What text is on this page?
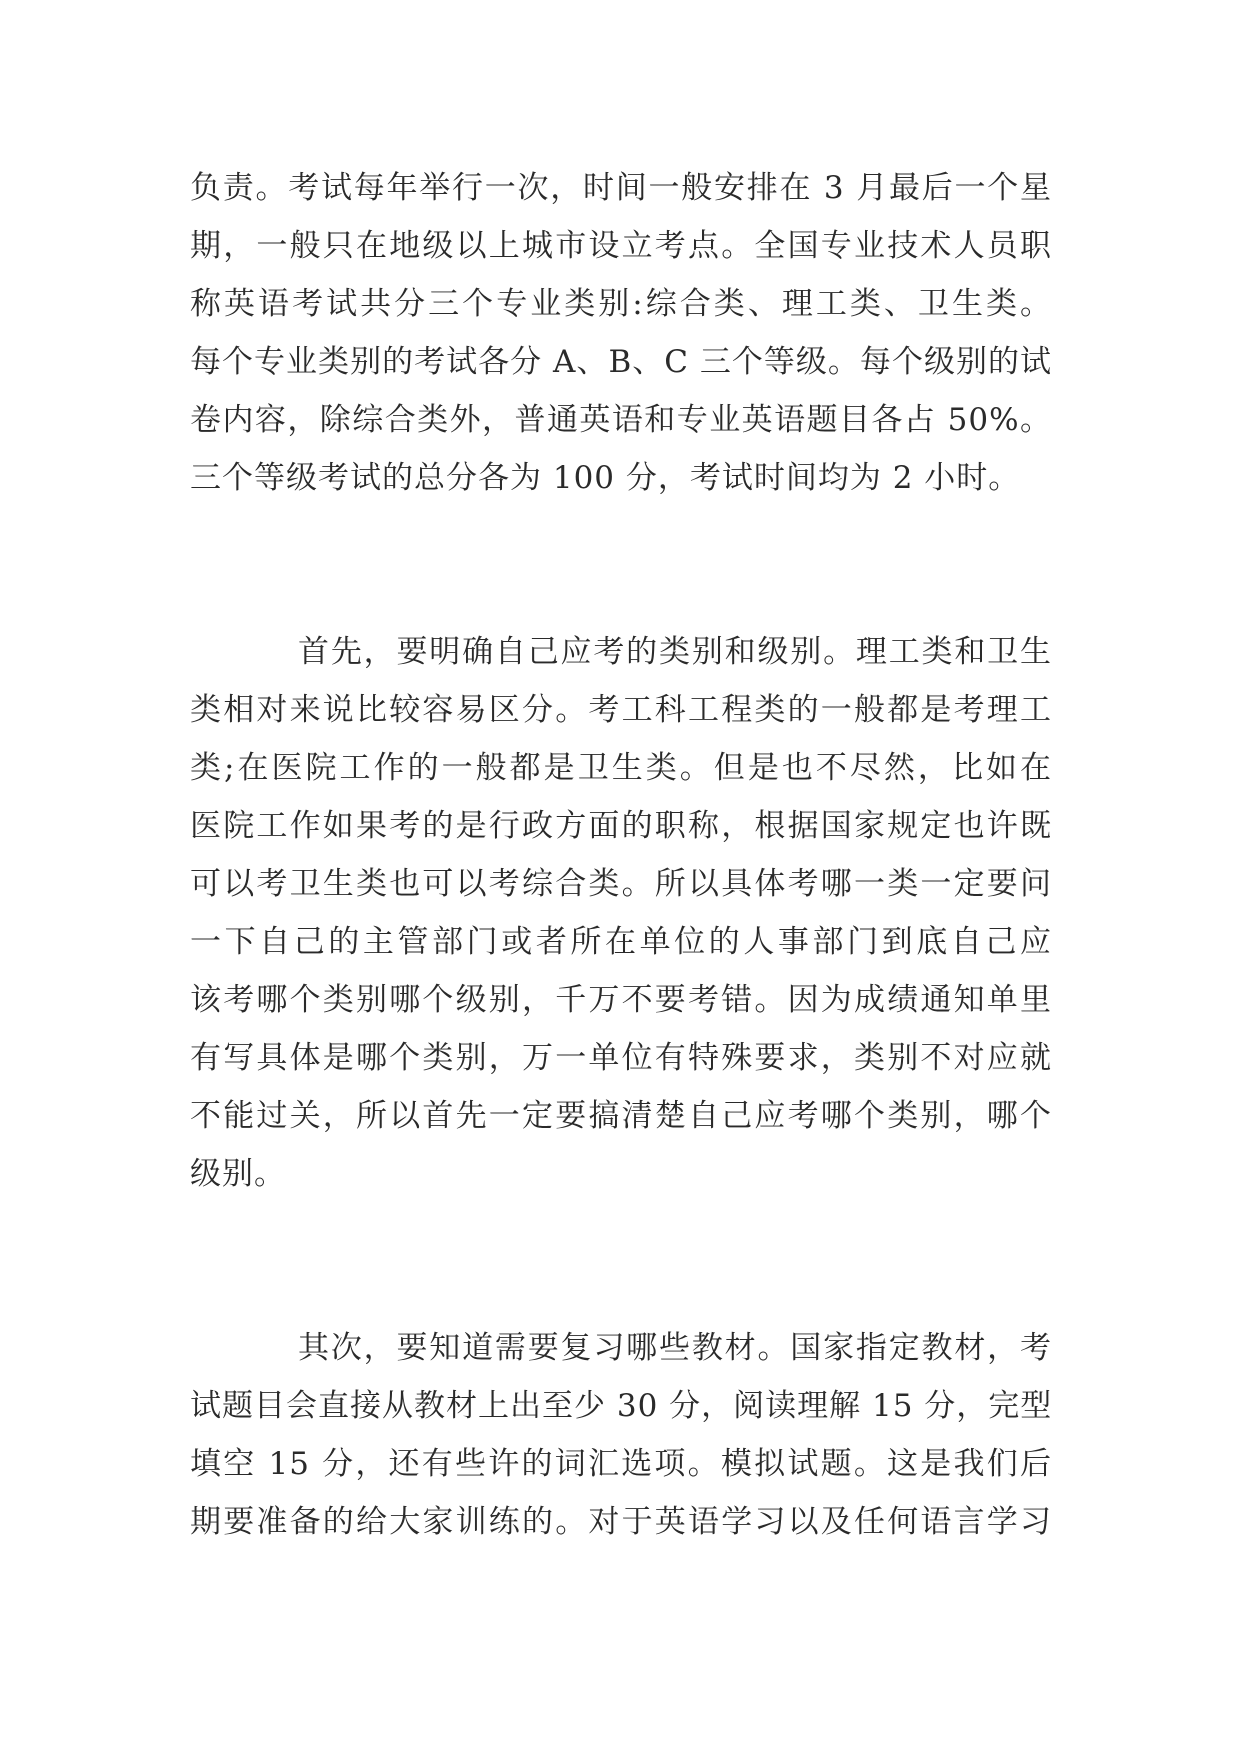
负责。考试每年举行一次，时间一般安排在 3 月最后一个星
期，一般只在地级以上城市设立考点。全国专业技术人员职
称英语考试共分三个专业类别:综合类、理工类、卫生类。
每个专业类别的考试各分 A、B、C 三个等级。每个级别的试
卷内容，除综合类外，普通英语和专业英语题目各占 50%。
三个等级考试的总分各为 100 分，考试时间均为 2 小时。
首先，要明确自己应考的类别和级别。理工类和卫生
类相对来说比较容易区分。考工科工程类的一般都是考理工
类;在医院工作的一般都是卫生类。但是也不尽然，比如在
医院工作如果考的是行政方面的职称，根据国家规定也许既
可以考卫生类也可以考综合类。所以具体考哪一类一定要问
一下自己的主管部门或者所在单位的人事部门到底自己应
该考哪个类别哪个级别，千万不要考错。因为成绩通知单里
有写具体是哪个类别，万一单位有特殊要求，类别不对应就
不能过关，所以首先一定要搞清楚自己应考哪个类别，哪个
级别。
其次，要知道需要复习哪些教材。国家指定教材，考
试题目会直接从教材上出至少 30 分，阅读理解 15 分，完型
填空 15 分，还有些许的词汇选项。模拟试题。这是我们后
期要准备的给大家训练的。对于英语学习以及任何语言学习
